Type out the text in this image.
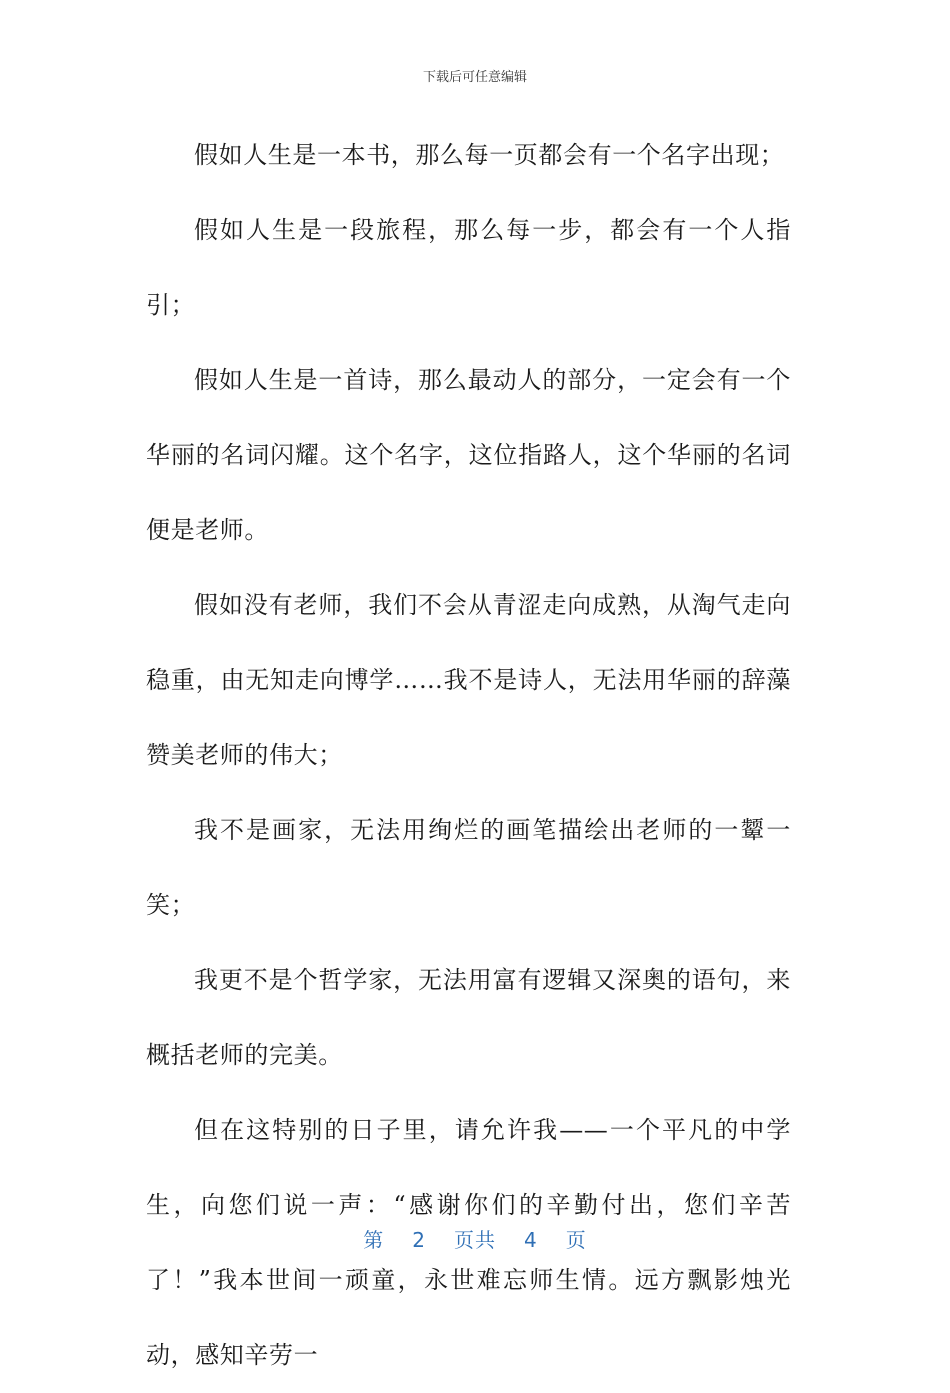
下载后可任意编辑

假如人生是一本书，那么每一页都会有一个名字出现；

假如人生是一段旅程，那么每一步，都会有一个人指引；

假如人生是一首诗，那么最动人的部分，一定会有一个华丽的名词闪耀。这个名字，这位指路人，这个华丽的名词便是老师。

假如没有老师，我们不会从青涩走向成熟，从淘气走向稳重，由无知走向博学……我不是诗人，无法用华丽的辞藻赞美老师的伟大；

我不是画家，无法用绚烂的画笔描绘出老师的一颦一笑；

我更不是个哲学家，无法用富有逻辑又深奥的语句，来概括老师的完美。

但在这特别的日子里，请允许我——一个平凡的中学生，向您们说一声：“感谢你们的辛勤付出，您们辛苦了！”我本世间一顽童，永世难忘师生情。远方飘影烛光动，感知辛劳一

第 2 页共 4 页
